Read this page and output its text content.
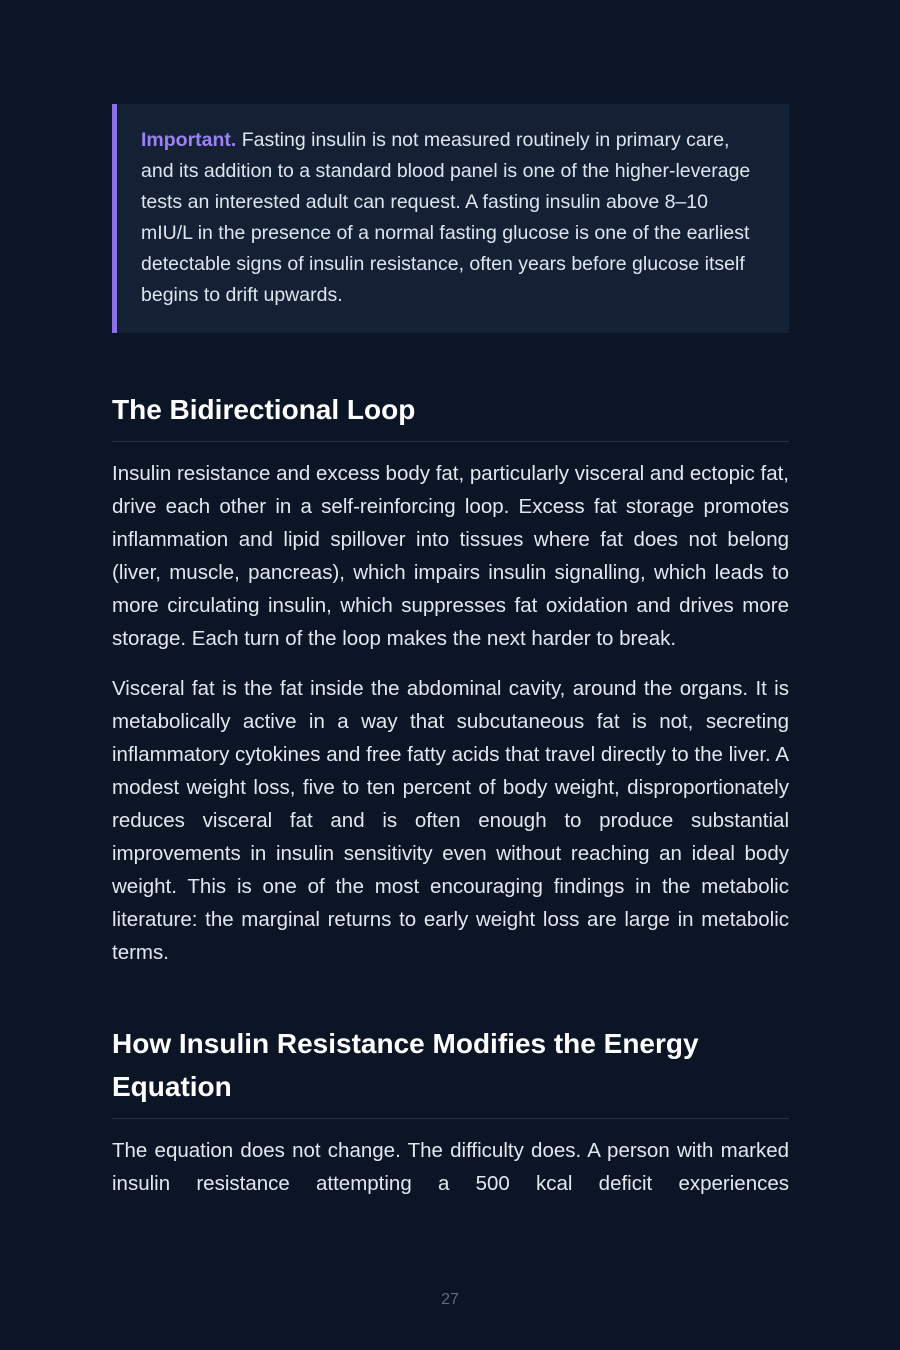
Important. Fasting insulin is not measured routinely in primary care, and its addition to a standard blood panel is one of the higher-leverage tests an interested adult can request. A fasting insulin above 8–10 mIU/L in the presence of a normal fasting glucose is one of the earliest detectable signs of insulin resistance, often years before glucose itself begins to drift upwards.
The Bidirectional Loop

Insulin resistance and excess body fat, particularly visceral and ectopic fat, drive each other in a self-reinforcing loop. Excess fat storage promotes inflammation and lipid spillover into tissues where fat does not belong (liver, muscle, pancreas), which impairs insulin signalling, which leads to more circulating insulin, which suppresses fat oxidation and drives more storage. Each turn of the loop makes the next harder to break.

Visceral fat is the fat inside the abdominal cavity, around the organs. It is metabolically active in a way that subcutaneous fat is not, secreting inflammatory cytokines and free fatty acids that travel directly to the liver. A modest weight loss, five to ten percent of body weight, disproportionately reduces visceral fat and is often enough to produce substantial improvements in insulin sensitivity even without reaching an ideal body weight. This is one of the most encouraging findings in the metabolic literature: the marginal returns to early weight loss are large in metabolic terms.

How Insulin Resistance Modifies the Energy Equation

The equation does not change. The difficulty does. A person with marked insulin resistance attempting a 500 kcal deficit experiences

27
